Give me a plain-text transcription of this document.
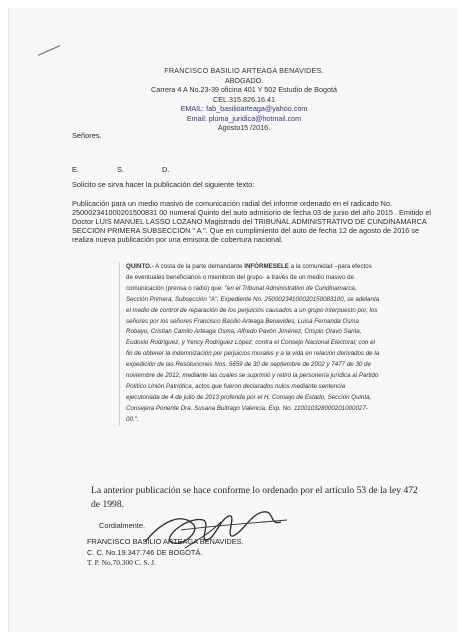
FRANCISCO BASILIO ARTEAGA BENAVIDES.
ABOGADO.
Carrera 4 A No.23-39 oficina 401 Y 502 Estudio de Bogotá
CEL.315.826.16.41
EMAIL: fab_basilioarteaga@yahoo.com
Email: pluma_juridica@hotmail.com
Agosto15 /2016.
Señores.
E.	S.	D.
Solicito se sirva hacer la publicación del siguiente texto:
Publicación para un medio masivo de comunicación radial del informe ordenado en el radicado No. 250002341000201500831 00 numeral Quinto del auto admisorio de fecha 03 de junio del año 2015 . Emitido el Doctor LUIS MANUEL LASSO LOZANO Magistrado del TRIBUNAL ADMINISTRATIVO DE CUNDINAMARCA SECCION PRIMERA SUBSECCION " A ". Que en cumplimiento del auto de fecha 12 de agosto de 2016 se realiza nueva publicación por una emisora de cobertura nacional.
QUINTO.- A costa de la parte demandante INFÓRMESELE a la comunidad –para efectos de eventuales beneficiarios o miembros del grupo- a través de un medio masivo de comunicación (prensa o radio) que: "en el Tribunal Administrativo de Cundinamarca, Sección Primera, Subsección "A", Expediente No. 25000234100020150083100, se adelanta el medio de control de reparación de los perjuicios causados a un grupo interpuesto por, los señores por los señores Francisco Basilio Arteaga Benavides, Luisa Fernanda Osma Robayo, Cristian Camilo Arteaga Osma, Alfredo Pavón Jiménez, Crispin Otavo Santa, Eudoxio Rodriguez, y Yency Rodriguez López; contra el Consejo Nacional Electoral; con el fin de obtener la indemnización por perjuicios morales y a la vida en relación derivados de la expedición de las Resoluciones Nos. 5659 de 30 de septiembre de 2002 y 7477 de 30 de noviembre de 2012, mediante las cuales se suprimió y retiró la personería jurídica al Partido Político Unión Patriótica, actos que fueron declarados nulos mediante sentencia ejecutoriada de 4 de julio de 2013 proferida por el H. Consejo de Estado, Sección Quinta, Consejera Ponente Dra. Susana Buitrago Valencia, Exp. No. 110010328000201000027-00.".
La anterior publicación se hace conforme lo ordenado por el artículo 53 de la ley 472 de 1998.
Cordialmente.
FRANCISCO BASILIO ARTEAGA BENAVIDES.
C. C. No.19.347.746 DE BOGOTÁ.
T. P. No.70.300 C. S. J.
